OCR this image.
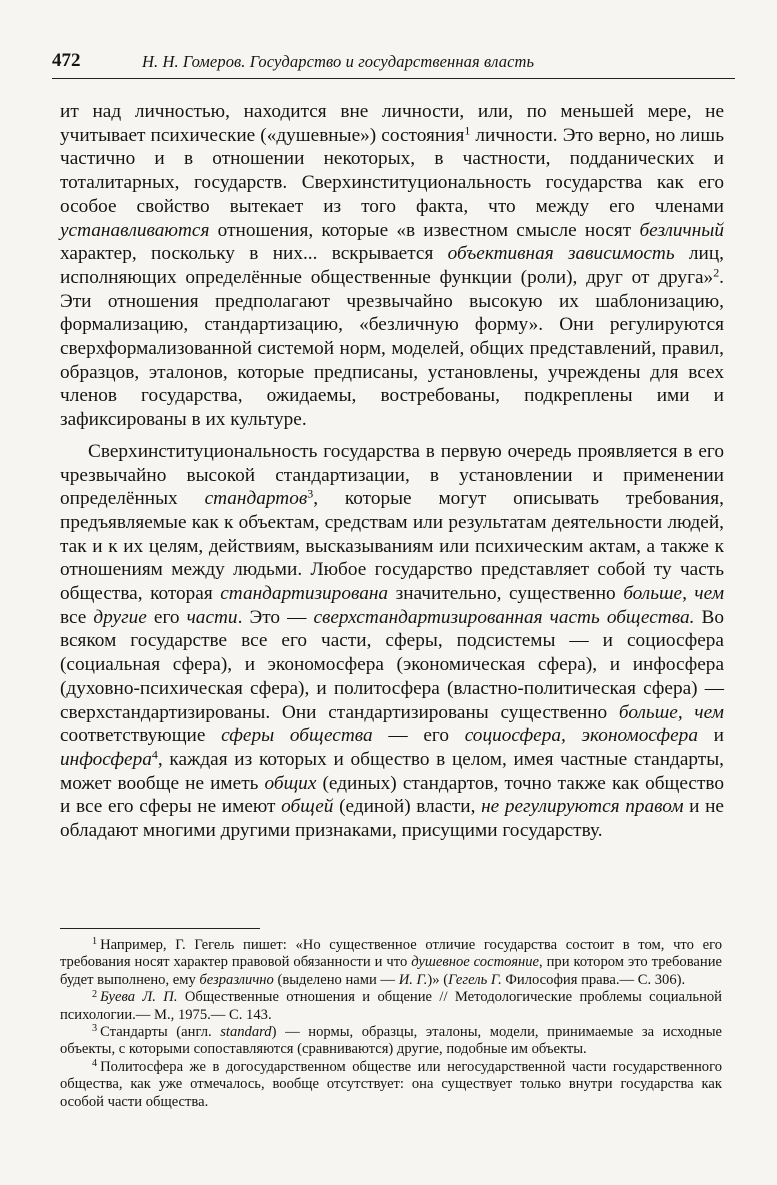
472	Н. Н. Гомеров. Государство и государственная власть

ит над личностью, находится вне личности, или, по меньшей мере, не учитывает психические («душевные») состояния$^1$ личности. Это верно, но лишь частично и в отношении некоторых, в частности, подданических и тоталитарных, государств. Сверхинституциональность государства как его особое свойство вытекает из того факта, что между его членами устанавливаются отношения, которые «в известном смысле носят безличный характер, поскольку в них... вскрывается объективная зависимость лиц, исполняющих определённые общественные функции (роли), друг от друга»$^2$. Эти отношения предполагают чрезвычайно высокую их шаблонизацию, формализацию, стандартизацию, «безличную форму». Они регулируются сверхформализованной системой норм, моделей, общих представлений, правил, образцов, эталонов, которые предписаны, установлены, учреждены для всех членов государства, ожидаемы, востребованы, подкреплены ими и зафиксированы в их культуре.

Сверхинституциональность государства в первую очередь проявляется в его чрезвычайно высокой стандартизации, в установлении и применении определённых стандартов$^3$, которые могут описывать требования, предъявляемые как к объектам, средствам или результатам деятельности людей, так и к их целям, действиям, высказываниям или психическим актам, а также к отношениям между людьми. Любое государство представляет собой ту часть общества, которая стандартизирована значительно, существенно больше, чем все другие его части. Это — сверхстандартизированная часть общества. Во всяком государстве все его части, сферы, подсистемы — и социосфера (социальная сфера), и экономосфера (экономическая сфера), и инфосфера (духовно-психическая сфера), и политосфера (властно-политическая сфера) — сверхстандартизированы. Они стандартизированы существенно больше, чем соответствующие сферы общества — его социосфера, экономосфера и инфосфера$^4$, каждая из которых и общество в целом, имея частные стандарты, может вообще не иметь общих (единых) стандартов, точно также как общество и все его сферы не имеют общей (единой) власти, не регулируются правом и не обладают многими другими признаками, присущими государству.

$^1$ Например, Г. Гегель пишет: «Но существенное отличие государства состоит в том, что его требования носят характер правовой обязанности и что душевное состояние, при котором это требование будет выполнено, ему безразлично (выделено нами — И. Г.)» (Гегель Г. Философия права.— С. 306).

$^2$ Буева Л. П. Общественные отношения и общение // Методологические проблемы социальной психологии.— М., 1975.— С. 143.

$^3$ Стандарты (англ. standard) — нормы, образцы, эталоны, модели, принимаемые за исходные объекты, с которыми сопоставляются (сравниваются) другие, подобные им объекты.

$^4$ Политосфера же в догосударственном обществе или негосударственной части государственного общества, как уже отмечалось, вообще отсутствует: она существует только внутри государства как особой части общества.
